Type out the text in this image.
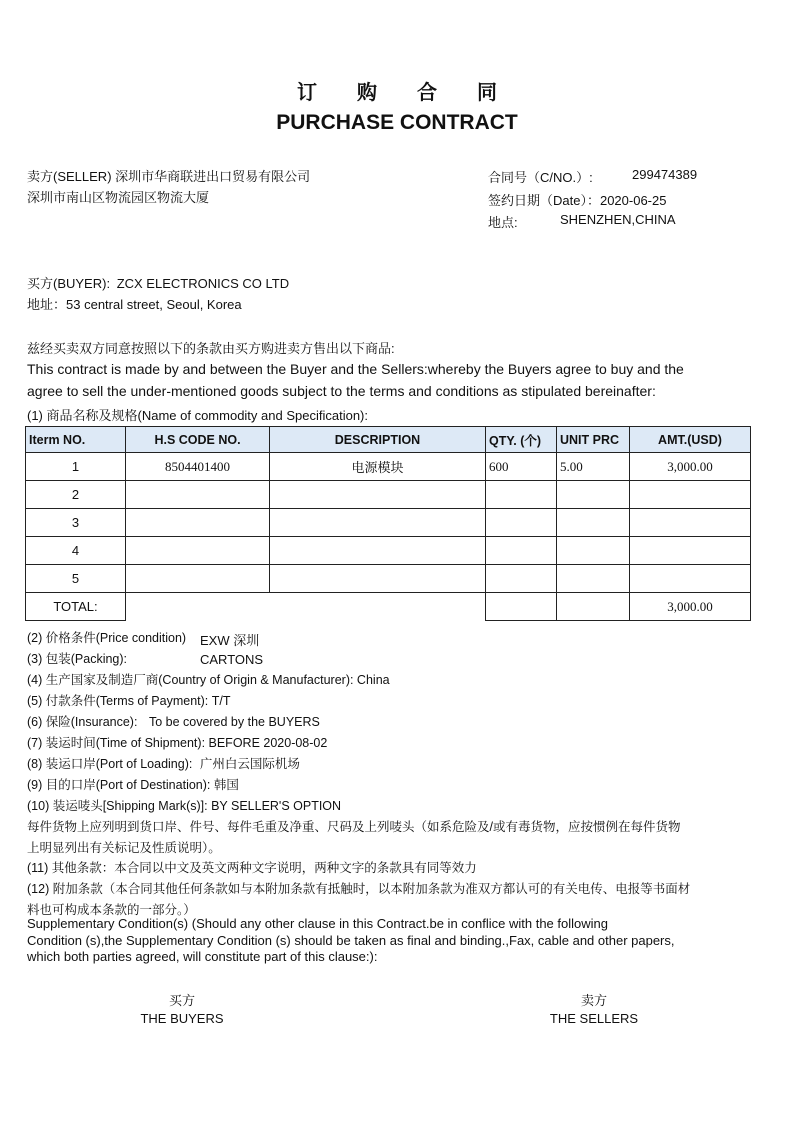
订 购 合 同
PURCHASE CONTRACT
卖方(SELLER) 深圳市华商联进出口贸易有限公司
深圳市南山区物流园区物流大厦
合同号（C/NO.）:	299474389
签约日期（Date）：2020-06-25
地点:	SHENZHEN,CHINA
买方(BUYER): ZCX ELECTRONICS CO LTD
地址：53 central street, Seoul, Korea
兹经买卖双方同意按照以下的条款由买方购进卖方售出以下商品:
This contract is made by and between the Buyer and the Sellers:whereby the Buyers agree to buy and the
agree to sell the under-mentioned goods subject to the terms and conditions as stipulated bereinafter:
(1) 商品名称及规格(Name of commodity and Specification):
Iterm NO.	H.S CODE NO.	DESCRIPTION	QTY. (个)	UNIT PRC	AMT.(USD)
1	8504401400	电源模块	600	5.00	3,000.00
2					
3					
4					
5					
TOTAL:					3,000.00
(2) 价格条件(Price condition) EXW 深圳
(3) 包装(Packing):	CARTONS
(4) 生产国家及制造厂商(Country of Origin & Manufacturer): China
(5) 付款条件(Terms of Payment): T/T
(6) 保险(Insurance): To be covered by the BUYERS
(7) 装运时间(Time of Shipment): BEFORE 2020-08-02
(8) 装运口岸(Port of Loading): 广州白云国际机场
(9) 目的口岸(Port of Destination): 韩国
(10) 装运唛头[Shipping Mark(s)]: BY SELLER'S OPTION
每件货物上应列明到货口岸、件号、每件毛重及净重、尺码及上列唛头（如系危险及/或有毒货物，应按惯例在每件货物
上明显列出有关标记及性质说明）。
(11) 其他条款：本合同以中文及英文两种文字说明，两种文字的条款具有同等效力
(12) 附加条款（本合同其他任何条款如与本附加条款有抵触时，以本附加条款为准双方都认可的有关电传、电报等书面材
料也可构成本条款的一部分。）
Supplementary Condition(s) (Should any other clause in this Contract.be in conflice with the following
Condition (s),the Supplementary Condition (s) should be taken as final and binding.,Fax, cable and other papers,
which both parties agreed, will constitute part of this clause:):
买方
THE BUYERS
卖方
THE SELLERS
